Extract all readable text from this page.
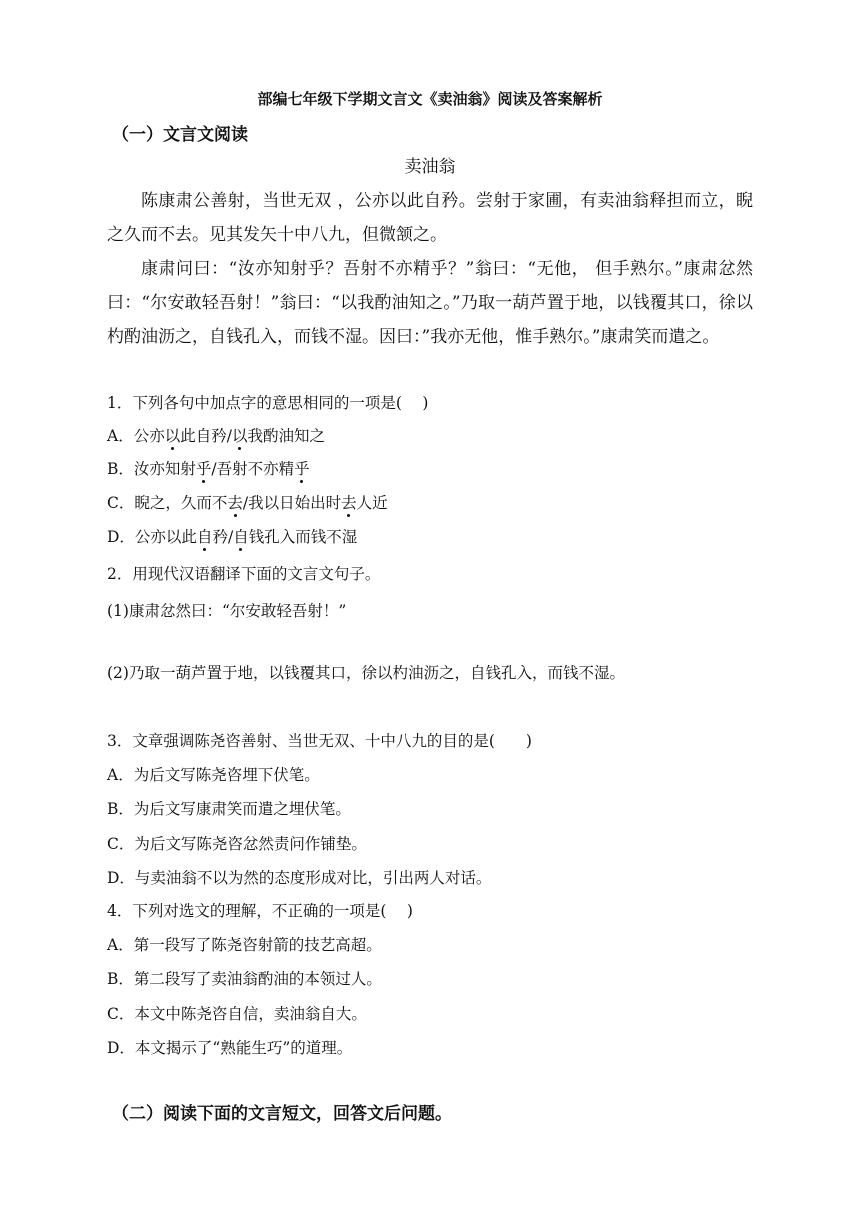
部编七年级下学期文言文《卖油翁》阅读及答案解析
（一）文言文阅读
卖油翁
陈康肃公善射，当世无双 ，公亦以此自矜。尝射于家圃，有卖油翁释担而立，睨之久而不去。见其发矢十中八九，但微颔之。
康肃问曰：“汝亦知射乎？吾射不亦精乎？”翁曰：“无他， 但手熟尔。”康肃忿然曰：“尔安敢轻吾射！”翁曰：“以我酌油知之。”乃取一葫芦置于地，以钱覆其口，徐以杓酌油沥之，自钱孔入，而钱不湿。因曰：”我亦无他，惟手熟尔。”康肃笑而遣之。
1．下列各句中加点字的意思相同的一项是(　 )
A．公亦以此自矜/以我酌油知之
B．汝亦知射乎/吾射不亦精乎
C．睨之，久而不去/我以日始出时去人近
D．公亦以此自矜/自钱孔入而钱不湿
2．用现代汉语翻译下面的文言文句子。
(1)康肃忿然曰：“尔安敢轻吾射！”
(2)乃取一葫芦置于地，以钱覆其口，徐以杓油沥之，自钱孔入，而钱不湿。
3．文章强调陈尧咨善射、当世无双、十中八九的目的是(　　)
A．为后文写陈尧咨埋下伏笔。
B．为后文写康肃笑而遣之埋伏笔。
C．为后文写陈尧咨忿然责问作铺垫。
D．与卖油翁不以为然的态度形成对比，引出两人对话。
4．下列对选文的理解，不正确的一项是(　 )
A．第一段写了陈尧咨射箭的技艺高超。
B．第二段写了卖油翁酌油的本领过人。
C．本文中陈尧咨自信，卖油翁自大。
D．本文揭示了“熟能生巧”的道理。
（二）阅读下面的文言短文，回答文后问题。
